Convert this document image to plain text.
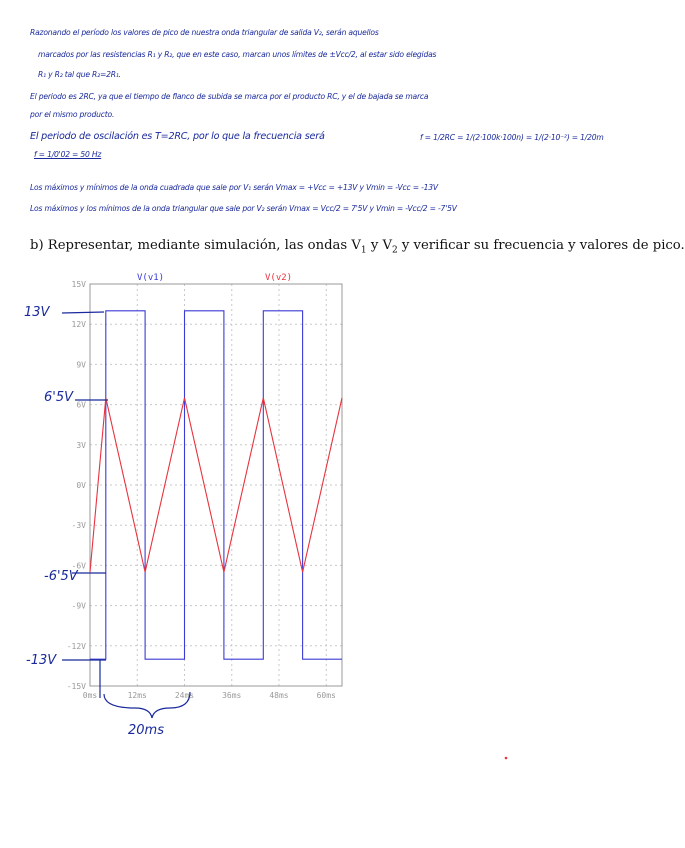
Razonando el período los valores de pico de nuestra onda triangular de salida V₂, serán aquellos
marcados por las resistencias R₁ y R₂, que en este caso, marcan unos límites de ±Vcc/2, al estar sido elegidas
R₁ y R₂ tal que R₂=2R₁.
El periodo es 2RC, ya que el tiempo de flanco de subida se marca por el producto RC, y el de bajada se marca
por el mismo producto.
El periodo de oscilación es T=2RC, por lo que la frecuencia será	f = 1/2RC = 1/(2·100k·100n) = 1/(2·10⁻²) = 1/20m
f = 1/0'02 = 50 Hz
Los máximos y mínimos de la onda cuadrada que sale por V₁ serán Vmax = +Vcc = +13V y Vmin = -Vcc = -13V
Los máximos y los mínimos de la onda triangular que sale por V₂ serán Vmax = Vcc/2 = 7'5V y Vmin = -Vcc/2 = -7'5V
b) Representar, mediante simulación, las ondas $V_1$ y $V_2$ y verificar su frecuencia y valores de pico.
15V
12V
9V
6V
3V
0V
-3V
-6V
-9V
-12V
-15V
0ms	12ms	24ms	36ms	48ms	60ms
V(v1)	V(v2)
13V
6'5V
-6'5V
-13V
20ms
